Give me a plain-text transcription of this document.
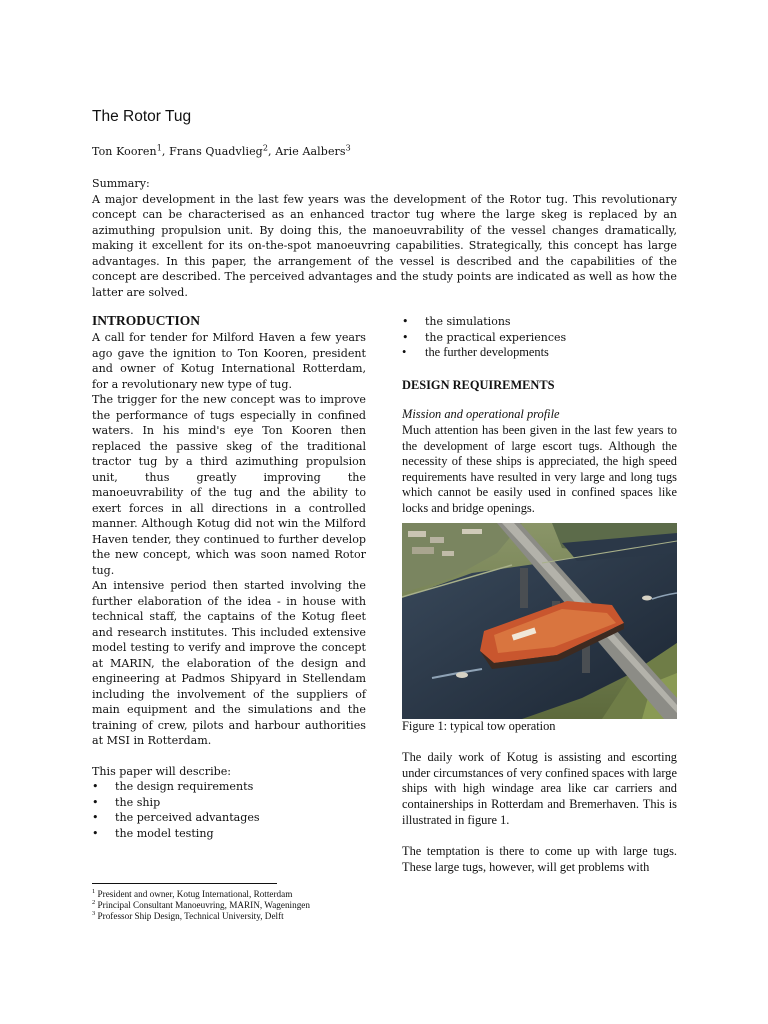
The Rotor Tug
Ton Kooren$^1$, Frans Quadvlieg$^2$, Arie Aalbers$^3$
Summary:
A major development in the last few years was the development of the Rotor tug. This revolutionary concept can be characterised as an enhanced tractor tug where the large skeg is replaced by an azimuthing propulsion unit. By doing this, the manoeuvrability of the vessel changes dramatically, making it excellent for its on-the-spot manoeuvring capabilities. Strategically, this concept has large advantages. In this paper, the arrangement of the vessel is described and the capabilities of the concept are described. The perceived advantages and the study points are indicated as well as how the latter are solved.
INTRODUCTION

A call for tender for Milford Haven a few years ago gave the ignition to Ton Kooren, president and owner of Kotug International Rotterdam, for a revolutionary new type of tug.

The trigger for the new concept was to improve the performance of tugs especially in confined waters. In his mind's eye Ton Kooren then replaced the passive skeg of the traditional tractor tug by a third azimuthing propulsion unit, thus greatly improving the manoeuvrability of the tug and the ability to exert forces in all directions in a controlled manner. Although Kotug did not win the Milford Haven tender, they continued to further develop the new concept, which was soon named Rotor tug.

An intensive period then started involving the further elaboration of the idea - in house with technical staff, the captains of the Kotug fleet and research institutes. This included extensive model testing to verify and improve the concept at MARIN, the elaboration of the design and engineering at Padmos Shipyard in Stellendam including the involvement of the suppliers of main equipment and the simulations and the training of crew, pilots and harbour authorities at MSI in Rotterdam.

This paper will describe:
• the design requirements
• the ship
• the perceived advantages
• the model testing
• the simulations
• the practical experiences
• the further developments
DESIGN REQUIREMENTS
Mission and operational profile

Much attention has been given in the last few years to the development of large escort tugs. Although the necessity of these ships is appreciated, the high speed requirements have resulted in very large and long tugs which cannot be easily used in confined spaces like locks and bridge openings.

Figure 1: typical tow operation

The daily work of Kotug is assisting and escorting under circumstances of very confined spaces with large ships with high windage area like car carriers and containerships in Rotterdam and Bremerhaven. This is illustrated in figure 1.

The temptation is there to come up with large tugs. These large tugs, however, will get problems with

$^1$ President and owner, Kotug International, Rotterdam
$^2$ Principal Consultant Manoeuvring, MARIN, Wageningen
$^3$ Professor Ship Design, Technical University, Delft
